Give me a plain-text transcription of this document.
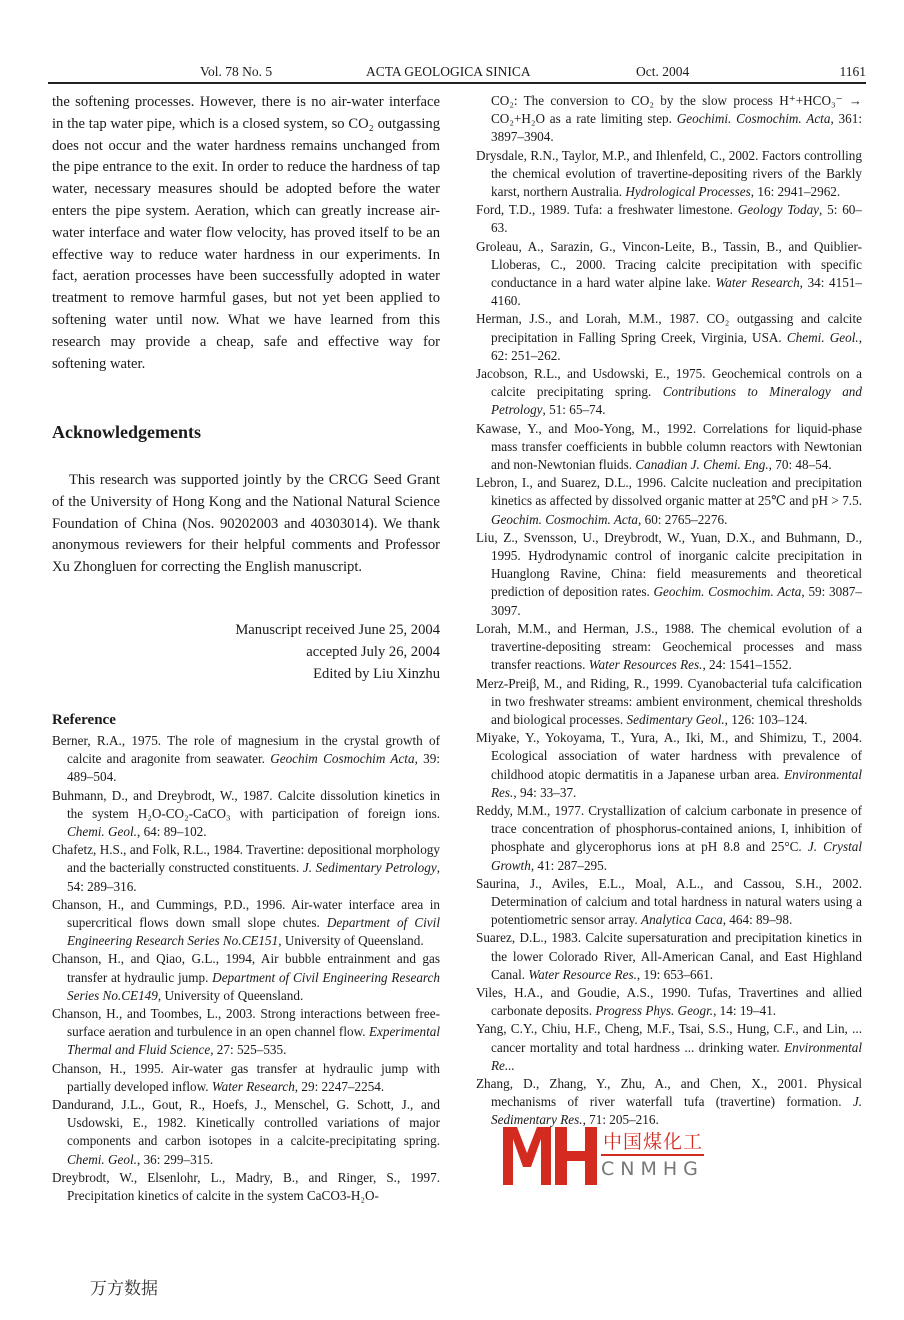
Vol. 78 No. 5	ACTA GEOLOGICA SINICA	Oct. 2004	1161

the softening processes. However, there is no air-water interface in the tap water pipe, which is a closed system, so CO₂ outgassing does not occur and the water hardness remains unchanged from the pipe entrance to the exit. In order to reduce the hardness of tap water, necessary measures should be adopted before the water enters the pipe system. Aeration, which can greatly increase air-water interface and water flow velocity, has proved itself to be an effective way to reduce water hardness in our experiments. In fact, aeration processes have been successfully adopted in water treatment to remove harmful gases, but not yet been applied to softening water until now. What we have learned from this research may provide a cheap, safe and effective way for softening water.

Acknowledgements

This research was supported jointly by the CRCG Seed Grant of the University of Hong Kong and the National Natural Science Foundation of China (Nos. 90202003 and 40303014). We thank anonymous reviewers for their helpful comments and Professor Xu Zhongluen for correcting the English manuscript.

Manuscript received June 25, 2004
accepted July 26, 2004
Edited by Liu Xinzhu
Reference

Berner, R.A., 1975. The role of magnesium in the crystal growth of calcite and aragonite from seawater. Geochim Cosmochim Acta, 39: 489–504.

Buhmann, D., and Dreybrodt, W., 1987. Calcite dissolution kinetics in the system H₂O-CO₂-CaCO₃ with participation of foreign ions. Chemi. Geol., 64: 89–102.

Chafetz, H.S., and Folk, R.L., 1984. Travertine: depositional morphology and the bacterially constructed constituents. J. Sedimentary Petrology, 54: 289–316.

Chanson, H., and Cummings, P.D., 1996. Air-water interface area in supercritical flows down small slope chutes. Department of Civil Engineering Research Series No.CE151, University of Queensland.

Chanson, H., and Qiao, G.L., 1994, Air bubble entrainment and gas transfer at hydraulic jump. Department of Civil Engineering Research Series No.CE149, University of Queensland.

Chanson, H., and Toombes, L., 2003. Strong interactions between free-surface aeration and turbulence in an open channel flow. Experimental Thermal and Fluid Science, 27: 525–535.

Chanson, H., 1995. Air-water gas transfer at hydraulic jump with partially developed inflow. Water Research, 29: 2247–2254.

Dandurand, J.L., Gout, R., Hoefs, J., Menschel, G. Schott, J., and Usdowski, E., 1982. Kinetically controlled variations of major components and carbon isotopes in a calcite-precipitating spring. Chemi. Geol., 36: 299–315.

Dreybrodt, W., Elsenlohr, L., Madry, B., and Ringer, S., 1997. Precipitation kinetics of calcite in the system CaCO3-H₂O-

CO₂: The conversion to CO₂ by the slow process H⁺+HCO₃⁻ → CO₂+H₂O as a rate limiting step. Geochimi. Cosmochim. Acta, 361: 3897–3904.

Drysdale, R.N., Taylor, M.P., and Ihlenfeld, C., 2002. Factors controlling the chemical evolution of travertine-depositing rivers of the Barkly karst, northern Australia. Hydrological Processes, 16: 2941–2962.

Ford, T.D., 1989. Tufa: a freshwater limestone. Geology Today, 5: 60–63.

Groleau, A., Sarazin, G., Vincon-Leite, B., Tassin, B., and Quiblier-Lloberas, C., 2000. Tracing calcite precipitation with specific conductance in a hard water alpine lake. Water Research, 34: 4151–4160.

Herman, J.S., and Lorah, M.M., 1987. CO₂ outgassing and calcite precipitation in Falling Spring Creek, Virginia, USA. Chemi. Geol., 62: 251–262.

Jacobson, R.L., and Usdowski, E., 1975. Geochemical controls on a calcite precipitating spring. Contributions to Mineralogy and Petrology, 51: 65–74.

Kawase, Y., and Moo-Yong, M., 1992. Correlations for liquid-phase mass transfer coefficients in bubble column reactors with Newtonian and non-Newtonian fluids. Canadian J. Chemi. Eng., 70: 48–54.

Lebron, I., and Suarez, D.L., 1996. Calcite nucleation and precipitation kinetics as affected by dissolved organic matter at 25℃ and pH > 7.5. Geochim. Cosmochim. Acta, 60: 2765–2276.

Liu, Z., Svensson, U., Dreybrodt, W., Yuan, D.X., and Buhmann, D., 1995. Hydrodynamic control of inorganic calcite precipitation in Huanglong Ravine, China: field measurements and theoretical prediction of deposition rates. Geochim. Cosmochim. Acta, 59: 3087–3097.

Lorah, M.M., and Herman, J.S., 1988. The chemical evolution of a travertine-depositing stream: Geochemical processes and mass transfer reactions. Water Resources Res., 24: 1541–1552.

Merz-Preiβ, M., and Riding, R., 1999. Cyanobacterial tufa calcification in two freshwater streams: ambient environment, chemical thresholds and biological processes. Sedimentary Geol., 126: 103–124.

Miyake, Y., Yokoyama, T., Yura, A., Iki, M., and Shimizu, T., 2004. Ecological association of water hardness with prevalence of childhood atopic dermatitis in a Japanese urban area. Environmental Res., 94: 33–37.

Reddy, M.M., 1977. Crystallization of calcium carbonate in presence of trace concentration of phosphorus-contained anions, I, inhibition of phosphate and glycerophorus ions at pH 8.8 and 25°C. J. Crystal Growth, 41: 287–295.

Saurina, J., Aviles, E.L., Moal, A.L., and Cassou, S.H., 2002. Determination of calcium and total hardness in natural waters using a potentiometric sensor array. Analytica Caca, 464: 89–98.

Suarez, D.L., 1983. Calcite supersaturation and precipitation kinetics in the lower Colorado River, All-American Canal, and East Highland Canal. Water Resource Res., 19: 653–661.

Viles, H.A., and Goudie, A.S., 1990. Tufas, Travertines and allied carbonate deposits. Progress Phys. Geogr., 14: 19–41.

Yang, C.Y., Chiu, H.F., Cheng, M.F., Tsai, S.S., Hung, C.F., and Lin, ... cancer mortality and total hardness ... drinking water. Environmental Re...

Zhang, D., Zhang, Y., Zhu, A., and Chen, X., 2001. Physical mechanisms of river waterfall tufa (travertine) formation. J. Sedimentary Res., 71: 205–216.

中国煤化工
CNMHG
万方数据
